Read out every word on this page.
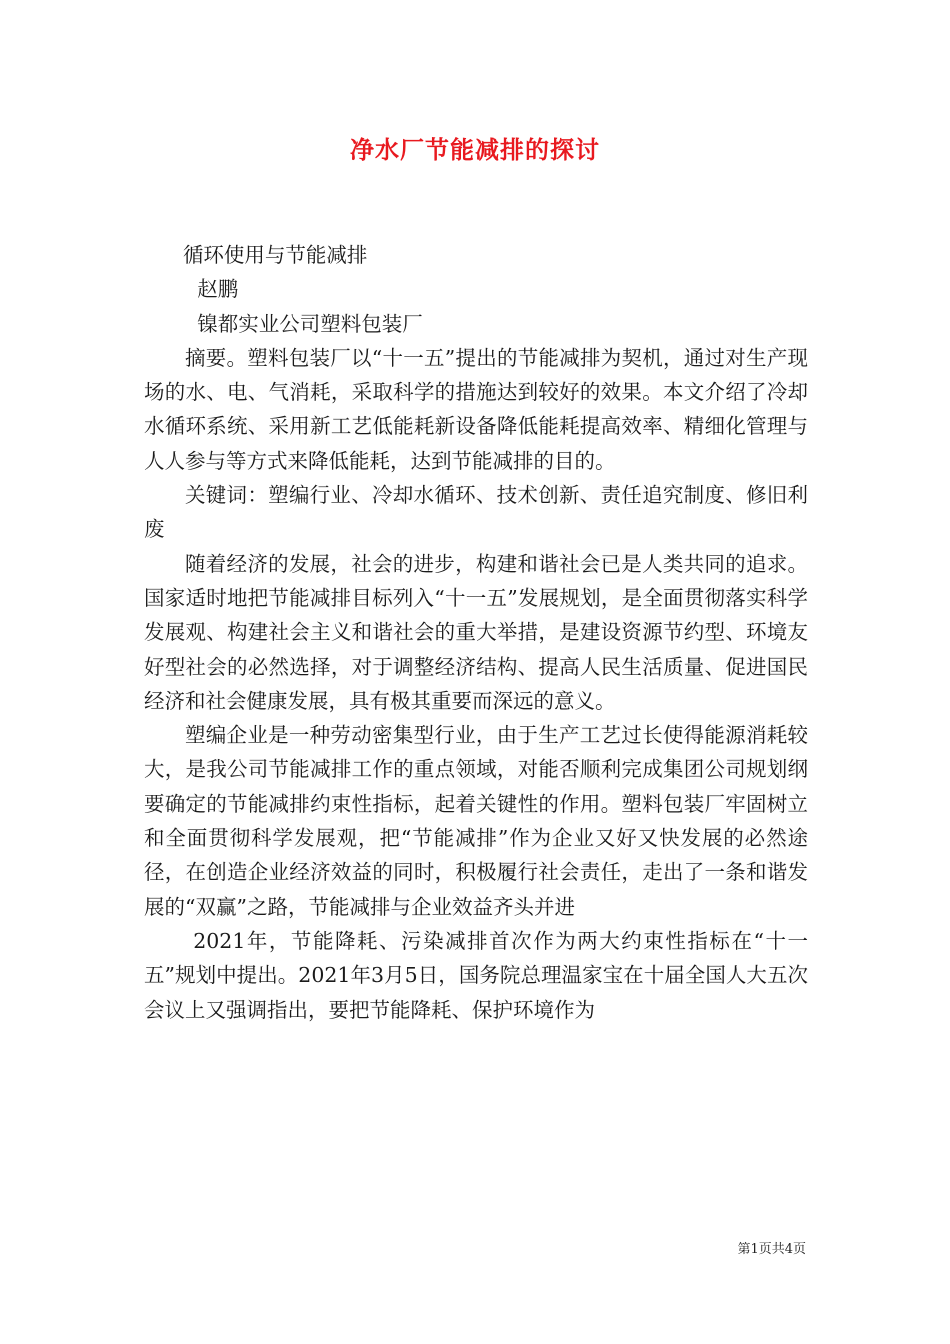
净水厂节能减排的探讨

循环使用与节能减排

赵鹏

镍都实业公司塑料包装厂

摘要。塑料包装厂以“十一五”提出的节能减排为契机，通过对生产现场的水、电、气消耗，采取科学的措施达到较好的效果。本文介绍了冷却水循环系统、采用新工艺低能耗新设备降低能耗提高效率、精细化管理与人人参与等方式来降低能耗，达到节能减排的目的。

关键词：塑编行业、冷却水循环、技术创新、责任追究制度、修旧利废

随着经济的发展，社会的进步，构建和谐社会已是人类共同的追求。国家适时地把节能减排目标列入“十一五”发展规划，是全面贯彻落实科学发展观、构建社会主义和谐社会的重大举措，是建设资源节约型、环境友好型社会的必然选择，对于调整经济结构、提高人民生活质量、促进国民经济和社会健康发展，具有极其重要而深远的意义。

塑编企业是一种劳动密集型行业，由于生产工艺过长使得能源消耗较大，是我公司节能减排工作的重点领域，对能否顺利完成集团公司规划纲要确定的节能减排约束性指标，起着关键性的作用。塑料包装厂牢固树立和全面贯彻科学发展观，把“节能减排”作为企业又好又快发展的必然途径，在创造企业经济效益的同时，积极履行社会责任，走出了一条和谐发展的“双赢”之路，节能减排与企业效益齐头并进

2021年，节能降耗、污染减排首次作为两大约束性指标在“十一五”规划中提出。2021年3月5日，国务院总理温家宝在十届全国人大五次会议上又强调指出，要把节能降耗、保护环境作为

第1页共4页
